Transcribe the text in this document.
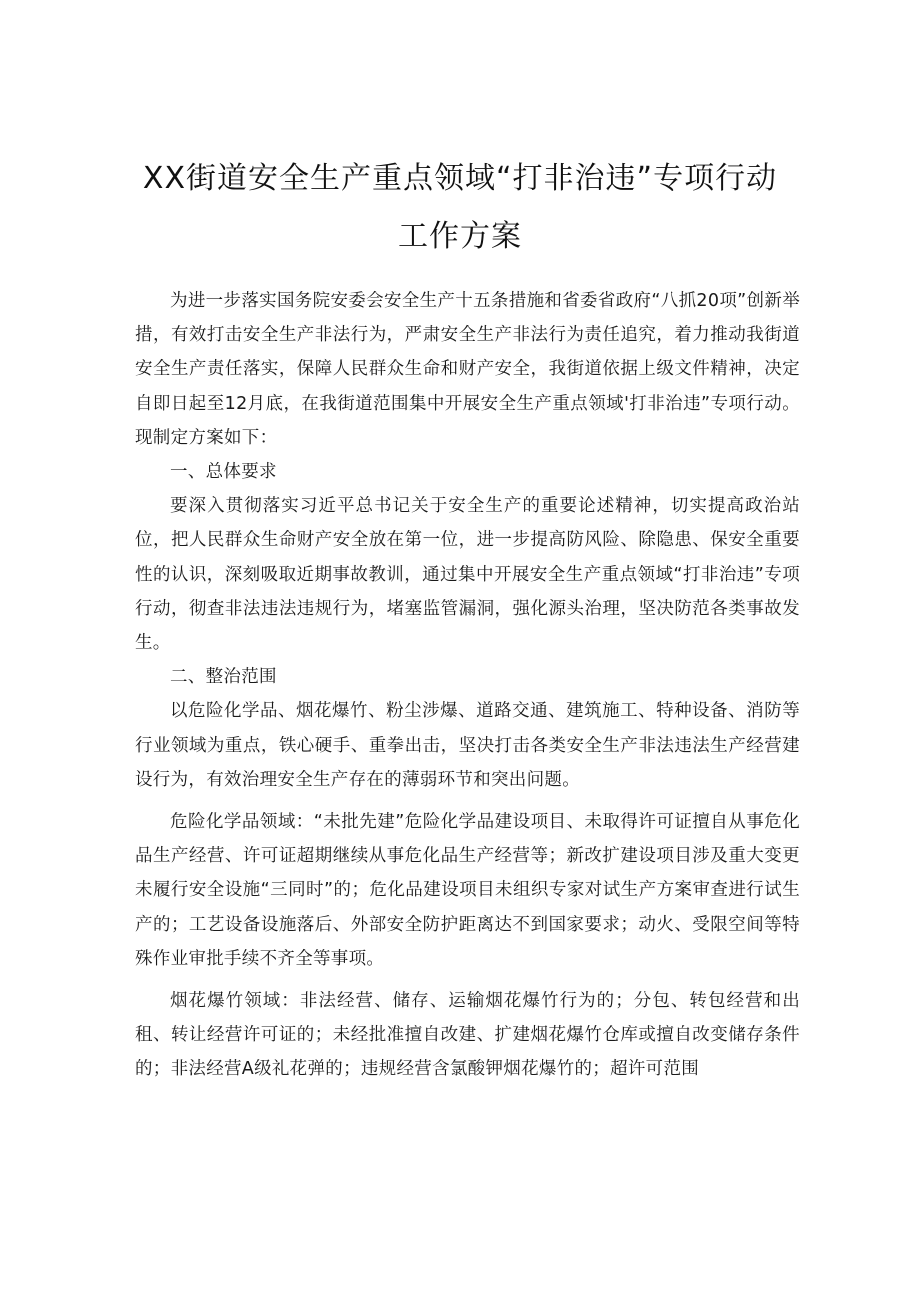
XX街道安全生产重点领域“打非治违”专项行动工作方案

为进一步落实国务院安委会安全生产十五条措施和省委省政府“八抓20项”创新举措，有效打击安全生产非法行为，严肃安全生产非法行为责任追究，着力推动我街道安全生产责任落实，保障人民群众生命和财产安全，我街道依据上级文件精神，决定自即日起至12月底，在我街道范围集中开展安全生产重点领域'打非治违”专项行动。现制定方案如下：

一、总体要求

要深入贯彻落实习近平总书记关于安全生产的重要论述精神，切实提高政治站位，把人民群众生命财产安全放在第一位，进一步提高防风险、除隐患、保安全重要性的认识，深刻吸取近期事故教训，通过集中开展安全生产重点领域“打非治违”专项行动，彻查非法违法违规行为，堵塞监管漏洞，强化源头治理，坚决防范各类事故发生。

二、整治范围

以危险化学品、烟花爆竹、粉尘涉爆、道路交通、建筑施工、特种设备、消防等行业领域为重点，铁心硬手、重拳出击，坚决打击各类安全生产非法违法生产经营建设行为，有效治理安全生产存在的薄弱环节和突出问题。

危险化学品领域：“未批先建”危险化学品建设项目、未取得许可证擅自从事危化品生产经营、许可证超期继续从事危化品生产经营等；新改扩建设项目涉及重大变更未履行安全设施“三同时”的；危化品建设项目未组织专家对试生产方案审查进行试生产的；工艺设备设施落后、外部安全防护距离达不到国家要求；动火、受限空间等特殊作业审批手续不齐全等事项。

烟花爆竹领域：非法经营、储存、运输烟花爆竹行为的；分包、转包经营和出租、转让经营许可证的；未经批准擅自改建、扩建烟花爆竹仓库或擅自改变储存条件的；非法经营A级礼花弹的；违规经营含氯酸钾烟花爆竹的；超许可范围
